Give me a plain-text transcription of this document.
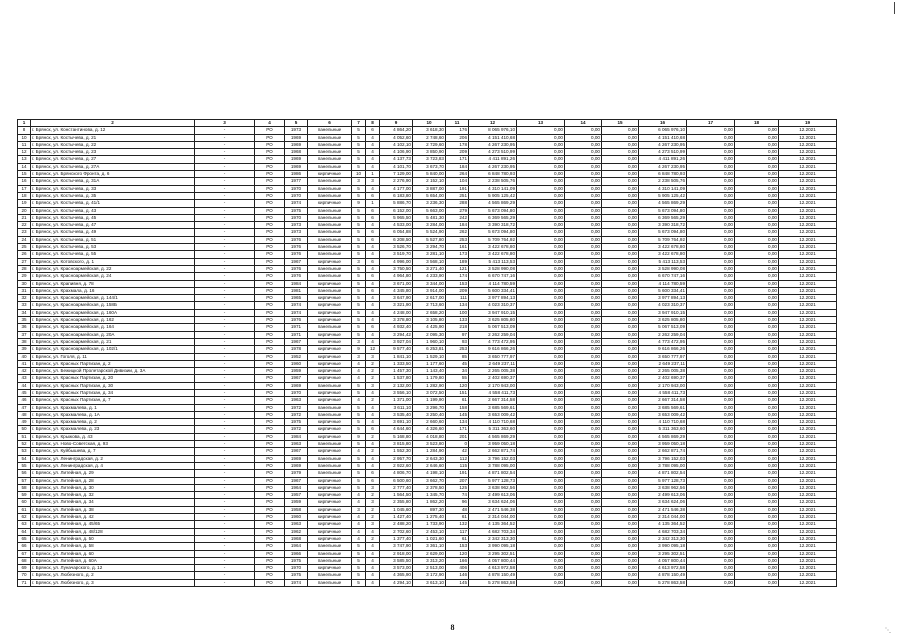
1	2	3	4	5	6	7	8	9	10	11	12	13	14	15	16	17	18	19
8	г. Брянск, ул. Константинова, д. 12	-	РО	1973	панельные	5	6	4 864,20	3 618,30	176	8 065 976,10	0,00	0,00	0,00	6 065 976,10	0,00	0,00	12.2021
10	г. Брянск, ул. Костычева, д. 21	-	РО	1969	панельные	5	4	4 052,60	2 748,60	206	4 151 410,68	0,00	0,00	0,00	4 151 410,68	0,00	0,00	12.2021
11	г. Брянск, ул. Костычева, д. 22	-	РО	1969	панельные	5	4	4 102,10	2 729,60	178	4 267 230,95	0,00	0,00	0,00	4 267 230,95	0,00	0,00	12.2021
12	г. Брянск, ул. Костычева, д. 23	-	РО	1968	панельные	5	4	4 106,90	3 850,90	209	4 273 510,99	0,00	0,00	0,00	4 273 510,99	0,00	0,00	12.2021
13	г. Брянск, ул. Костычева, д. 27	-	РО	1969	панельные	5	4	4 137,73	3 723,83	171	4 411 891,26	0,00	0,00	0,00	4 411 891,26	0,00	0,00	12.2021
14	г. Брянск, ул. Костычева, д. 27А	-	РО	1969	панельные	5	4	4 101,70	3 673,70	184	4 267 230,95	0,00	0,00	0,00	4 267 230,95	0,00	0,00	12.2021
15	г. Брянск, ул. Брянского Фронта, д. 6	-	РО	1986	кирпичные	10	1	7 129,00	5 840,00	264	6 848 780,93	0,00	0,00	0,00	6 848 780,93	0,00	0,00	12.2021
16	г. Брянск, ул. Костычева, д. 31А	-	РО	1977	панельные	3	3	2 276,90	2 152,10	104	2 238 505,76	0,00	0,00	0,00	2 238 505,76	0,00	0,00	12.2021
17	г. Брянск, ул. Костычева, д. 33	-	РО	1970	панельные	5	4	4 177,00	3 887,00	191	4 310 141,09	0,00	0,00	0,00	4 310 141,09	0,00	0,00	12.2021
18	г. Брянск, ул. Костычева, д. 35	-	РО	1970	панельные	5	6	6 183,80	5 654,00	251	5 905 125,42	0,00	0,00	0,00	5 905 125,42	0,00	0,00	12.2021
19	г. Брянск, ул. Костычева, д. 41/1	-	РО	1974	кирпичные	9	1	5 886,70	3 236,30	288	4 565 869,29	0,00	0,00	0,00	4 565 869,29	0,00	0,00	12.2021
20	г. Брянск, ул. Костычева, д. 43	-	РО	1975	панельные	5	6	6 152,00	5 663,00	279	5 673 094,80	0,00	0,00	0,00	5 673 094,80	0,00	0,00	12.2021
21	г. Брянск, ул. Костычева, д. 45	-	РО	1970	панельные	5	6	5 965,50	5 481,30	242	6 369 565,29	0,00	0,00	0,00	6 369 565,29	0,00	0,00	12.2021
22	г. Брянск, ул. Костычева, д. 47	-	РО	1973	панельные	5	4	4 533,00	3 284,00	184	3 390 318,72	0,00	0,00	0,00	3 390 318,72	0,00	0,00	12.2021
23	г. Брянск, ул. Костычева, д. 49	-	РО	1973	панельные	5	6	6 054,88	5 524,90	262	5 673 094,80	0,00	0,00	0,00	5 673 094,80	0,00	0,00	12.2021
24	г. Брянск, ул. Костычева, д. 51	-	РО	1976	панельные	5	6	6 208,50	5 527,80	253	5 709 764,92	0,00	0,00	0,00	5 709 764,92	0,00	0,00	12.2021
25	г. Брянск, ул. Костычева, д. 53	-	РО	1976	панельные	5	4	3 526,70	3 294,70	161	3 422 678,80	0,00	0,00	0,00	3 422 678,80	0,00	0,00	12.2021
26	г. Брянск, ул. Костычева, д. 55	-	РО	1976	панельные	5	4	3 519,70	3 281,10	173	3 422 678,80	0,00	0,00	0,00	3 422 678,80	0,00	0,00	12.2021
27	г. Брянск, ул. Котовского, д. 1	-	РО	1967	кирпичные	3	6	4 996,00	3 568,10	189	5 413 113,53	0,00	0,00	0,00	5 413 113,53	0,00	0,00	12.2021
28	г. Брянск, ул. Красноармейская, д. 22	-	РО	1976	панельные	5	4	3 750,50	3 271,40	121	3 528 990,08	0,00	0,00	0,00	3 528 990,08	0,00	0,00	12.2021
29	г. Брянск, ул. Красноармейская, д. 24	-	РО	1976	панельные	5	6	4 964,80	4 233,90	174	6 670 747,16	0,00	0,00	0,00	6 670 747,16	0,00	0,00	12.2021
30	г. Брянск, ул. Крапивня, д. 78	-	РО	1984	кирпичные	5	4	3 671,00	3 344,00	153	4 114 780,59	0,00	0,00	0,00	4 114 780,59	0,00	0,00	12.2021
31	г. Брянск, ул. Крахмала, д. 16	-	РО	1981	панельные	5	6	4 345,80	3 914,00	209	5 600 334,41	0,00	0,00	0,00	5 600 334,41	0,00	0,00	12.2021
32	г. Брянск, ул. Красноармейская, д. 144/1	-	РО	1965	кирпичные	5	4	3 647,90	2 617,00	111	3 977 894,13	0,00	0,00	0,00	3 977 894,13	0,00	0,00	12.2021
33	г. Брянск, ул. Красноармейская, д. 158Б	-	РО	1974	кирпичные	5	4	3 321,90	2 713,60	134	4 023 310,37	0,00	0,00	0,00	4 023 310,37	0,00	0,00	12.2021
34	г. Брянск, ул. Красноармейская, д. 160А	-	РО	1974	кирпичные	5	4	4 248,00	2 658,20	100	3 947 910,15	0,00	0,00	0,00	3 947 910,15	0,00	0,00	12.2021
35	г. Брянск, ул. Красноармейская, д. 162	-	РО	1976	кирпичные	5	4	3 378,80	3 105,80	133	3 625 805,80	0,00	0,00	0,00	3 625 805,80	0,00	0,00	12.2021
36	г. Брянск, ул. Красноармейская, д. 164	-	РО	1971	панельные	5	6	4 932,40	4 425,90	218	5 067 513,09	0,00	0,00	0,00	5 067 513,09	0,00	0,00	12.2021
37	г. Брянск, ул. Красноармейская, д. 20А	-	РО	1971	кирпичные	5	4	3 294,42	2 095,30	97	2 262 259,04	0,00	0,00	0,00	2 262 259,04	0,00	0,00	12.2021
38	г. Брянск, ул. Красноармейская, д. 21	-	РО	1967	кирпичные	3	4	3 927,04	1 960,10	93	4 773 472,95	0,00	0,00	0,00	4 773 472,95	0,00	0,00	12.2021
39	г. Брянск, ул. Красноармейская, д. 102/1	-	РО	1978	кирпичные	9	12	9 577,40	6 253,81	253	9 616 866,26	0,00	0,00	0,00	9 616 866,26	0,00	0,00	12.2021
40	г. Брянск, ул. Гоголя, д. 11	-	РО	1952	кирпичные	3	3	1 841,10	1 529,10	85	3 650 777,97	0,00	0,00	0,00	3 650 777,97	0,00	0,00	12.2021
41	г. Брянск, ул. Красных Партизан, д. 2	-	РО	1960	кирпичные	4	2	1 333,50	1 177,60	45	2 649 237,11	0,00	0,00	0,00	2 649 237,11	0,00	0,00	12.2021
42	г. Брянск, ул. Бежицкой Пролетарской Дивизии, д. 3А	-	РО	1959	кирпичные	4	2	1 457,30	1 143,40	34	2 265 005,38	0,00	0,00	0,00	2 265 005,38	0,00	0,00	12.2021
43	г. Брянск, ул. Красных Партизан, д. 20	-	РО	1967	кирпичные	4	2	1 537,80	1 179,80	55	2 402 690,37	0,00	0,00	0,00	2 402 690,37	0,00	0,00	12.2021
44	г. Брянск, ул. Красных Партизан, д. 30	-	РО	1969	панельные	5	3	2 132,00	1 282,90	120	2 170 943,00	0,00	0,00	0,00	2 170 943,00	0,00	0,00	12.2021
45	г. Брянск, ул. Красных Партизан, д. 34	-	РО	1970	кирпичные	5	4	3 556,10	3 072,50	151	4 558 411,73	0,00	0,00	0,00	4 558 411,73	0,00	0,00	12.2021
46	г. Брянск, ул. Красных Партизан, д. 7	-	РО	1963	кирпичные	4	2	1 371,00	1 199,90	61	2 667 314,58	0,00	0,00	0,00	2 667 314,58	0,00	0,00	12.2021
47	г. Брянск, ул. Крахмалева, д. 1	-	РО	1972	панельные	5	4	3 611,10	3 296,70	158	3 685 569,61	0,00	0,00	0,00	3 685 569,61	0,00	0,00	12.2021
48	г. Брянск, ул. Крахмалева, д. 1А	-	РО	1972	панельные	5	4	3 535,40	3 250,40	145	3 653 009,42	0,00	0,00	0,00	3 653 009,42	0,00	0,00	12.2021
49	г. Брянск, ул. Крахмалева, д. 2	-	РО	1975	кирпичные	5	4	3 691,10	2 660,60	134	4 110 710,68	0,00	0,00	0,00	4 110 710,68	0,00	0,00	12.2021
50	г. Брянск, ул. Крахмалева, д. 23	-	РО	1972	кирпичные	5	6	4 644,60	4 326,60	171	5 311 363,60	0,00	0,00	0,00	5 311 363,60	0,00	0,00	12.2021
51	г. Брянск, ул. Крыжова, д. 43	-	РО	1984	кирпичные	9	2	5 168,80	4 018,80	201	4 565 869,29	0,00	0,00	0,00	4 565 869,29	0,00	0,00	12.2021
52	г. Брянск, ул. Ново-Советская, д. 93	-	РО	1963	панельные	5	4	3 815,80	3 523,80	0	3 959 050,18	0,00	0,00	0,00	3 959 050,18	0,00	0,00	12.2021
53	г. Брянск, ул. Куйбышева, д. 7	-	РО	1967	кирпичные	4	2	1 552,30	1 284,90	42	2 662 871,74	0,00	0,00	0,00	2 662 871,74	0,00	0,00	12.2021
54	г. Брянск, ул. Ленинградская, д. 2	-	РО	1969	панельные	5	4	2 957,70	2 643,30	112	3 796 152,03	0,00	0,00	0,00	3 796 152,03	0,00	0,00	12.2021
55	г. Брянск, ул. Ленинградская, д. 4	-	РО	1969	панельные	5	4	2 922,60	2 646,60	115	3 788 095,00	0,00	0,00	0,00	3 788 095,00	0,00	0,00	12.2021
56	г. Брянск, ул. Литейная, д. 29	-	РО	1979	панельные	5	6	4 806,70	4 198,10	191	4 871 802,54	0,00	0,00	0,00	4 871 802,54	0,00	0,00	12.2021
57	г. Брянск, ул. Литейная, д. 28	-	РО	1967	кирпичные	5	6	6 500,60	3 662,70	207	5 977 128,73	0,00	0,00	0,00	5 977 128,73	0,00	0,00	12.2021
58	г. Брянск, ул. Литейная, д. 30	-	РО	1964	кирпичные	5	3	2 777,40	2 378,50	125	3 638 962,56	0,00	0,00	0,00	3 638 962,56	0,00	0,00	12.2021
59	г. Брянск, ул. Литейная, д. 32	-	РО	1957	кирпичные	4	2	1 564,50	1 345,70	74	2 499 613,06	0,00	0,00	0,00	2 499 613,06	0,00	0,00	12.2021
60	г. Брянск, ул. Литейная, д. 34	-	РО	1959	кирпичные	4	3	2 355,80	1 862,20	96	3 634 624,06	0,00	0,00	0,00	3 634 624,06	0,00	0,00	12.2021
61	г. Брянск, ул. Литейная, д. 38	-	РО	1958	кирпичные	3	2	1 045,60	897,30	48	2 471 546,38	0,00	0,00	0,00	2 471 546,38	0,00	0,00	12.2021
62	г. Брянск, ул. Литейная, д. 42	-	РО	1960	кирпичные	4	2	1 427,40	1 275,40	61	2 314 044,00	0,00	0,00	0,00	2 314 044,00	0,00	0,00	12.2021
63	г. Брянск, ул. Литейная, д. 45/65	-	РО	1963	кирпичные	4	3	2 488,20	1 733,90	132	4 135 364,52	0,00	0,00	0,00	4 135 364,52	0,00	0,00	12.2021
64	г. Брянск, ул. Литейная, д. 48/128	-	РО	1962	кирпичные	4	4	2 702,60	2 453,10	117	4 682 703,34	0,00	0,00	0,00	4 682 703,34	0,00	0,00	12.2021
65	г. Брянск, ул. Литейная, д. 50	-	РО	1968	кирпичные	4	2	1 377,40	1 021,60	61	2 342 313,30	0,00	0,00	0,00	2 342 313,30	0,00	0,00	12.2021
66	г. Брянск, ул. Литейная, д. 58	-	РО	1964	панельные	5	4	3 747,90	3 361,10	153	3 990 095,18	0,00	0,00	0,00	3 990 095,18	0,00	0,00	12.2021
67	г. Брянск, ул. Литейная, д. 60	-	РО	1966	панельные	5	4	2 918,00	2 629,00	120	3 295 302,51	0,00	0,00	0,00	3 295 302,51	0,00	0,00	12.2021
68	г. Брянск, ул. Литейная, д. 60А	-	РО	1975	панельные	5	4	3 585,50	3 313,20	166	4 057 800,44	0,00	0,00	0,00	4 057 800,44	0,00	0,00	12.2021
69	г. Брянск, ул. Луначарского, д. 12	-	РО	1970	кирпичные	5	4	3 573,00	2 513,00	406	4 613 972,58	0,00	0,00	0,00	4 613 972,58	0,00	0,00	12.2021
70	г. Брянск, ул. Любезного, д. 2	-	РО	1975	панельные	5	4	4 365,90	3 172,90	146	4 878 150,49	0,00	0,00	0,00	4 878 150,49	0,00	0,00	12.2021
71	г. Брянск, ул. Любезного, д. 3	-	РО	1974	панельные	5	4	4 294,10	3 613,10	145	5 278 863,58	0,00	0,00	0,00	5 278 863,58	0,00	0,00	12.2021
8	⋱
